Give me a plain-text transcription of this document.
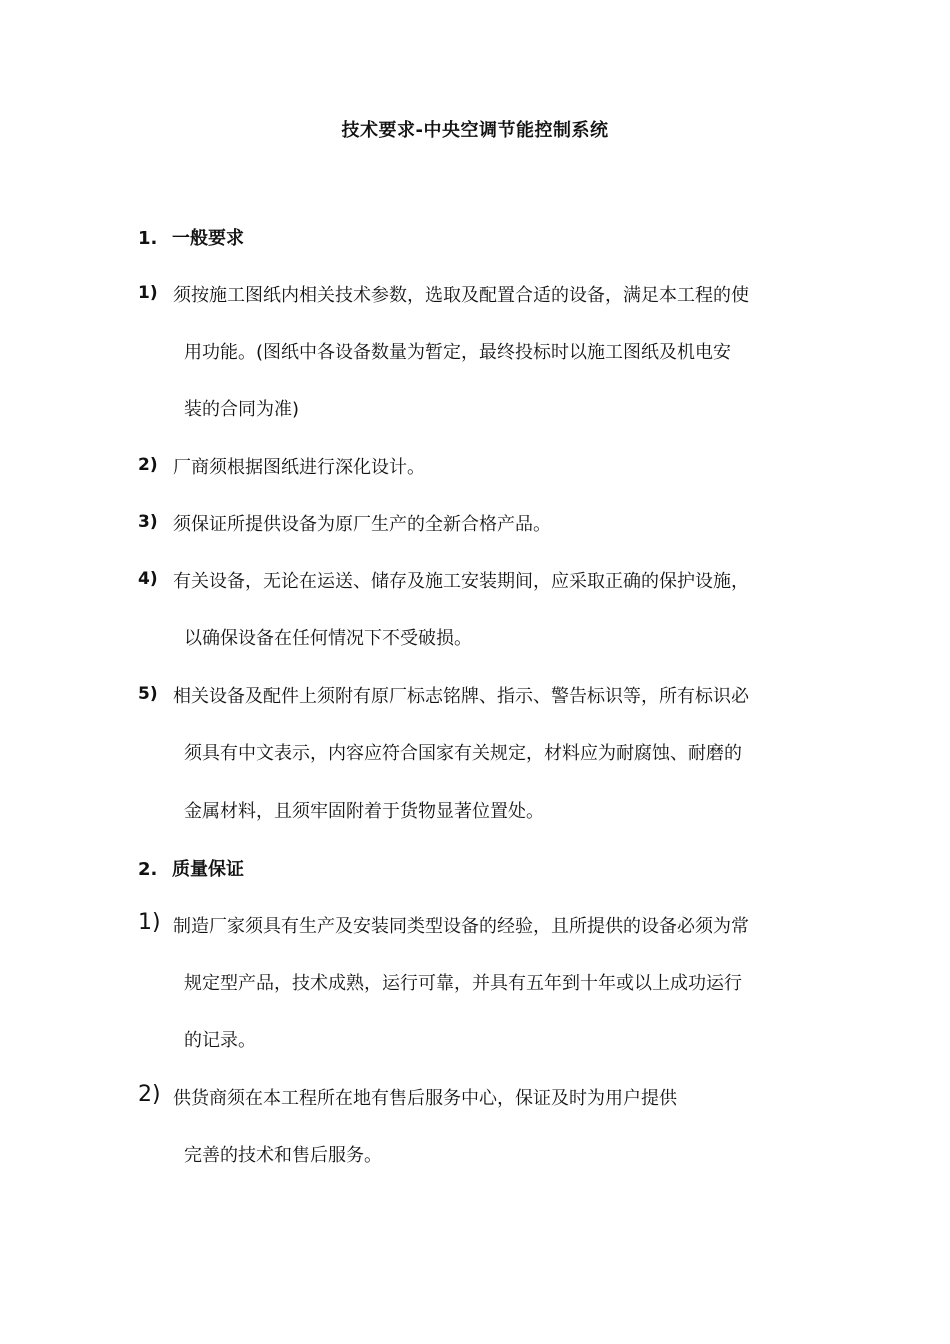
技术要求-中央空调节能控制系统
1. 一般要求
1) 须按施工图纸内相关技术参数，选取及配置合适的设备，满足本工程的使
用功能。(图纸中各设备数量为暂定，最终投标时以施工图纸及机电安
装的合同为准)
2) 厂商须根据图纸进行深化设计。
3) 须保证所提供设备为原厂生产的全新合格产品。
4) 有关设备，无论在运送、储存及施工安装期间，应采取正确的保护设施，
以确保设备在任何情况下不受破损。
5) 相关设备及配件上须附有原厂标志铭牌、指示、警告标识等，所有标识必
须具有中文表示，内容应符合国家有关规定，材料应为耐腐蚀、耐磨的
金属材料，且须牢固附着于货物显著位置处。
2. 质量保证
1) 制造厂家须具有生产及安装同类型设备的经验，且所提供的设备必须为常
规定型产品，技术成熟，运行可靠，并具有五年到十年或以上成功运行
的记录。
2) 供货商须在本工程所在地有售后服务中心，保证及时为用户提供
完善的技术和售后服务。
